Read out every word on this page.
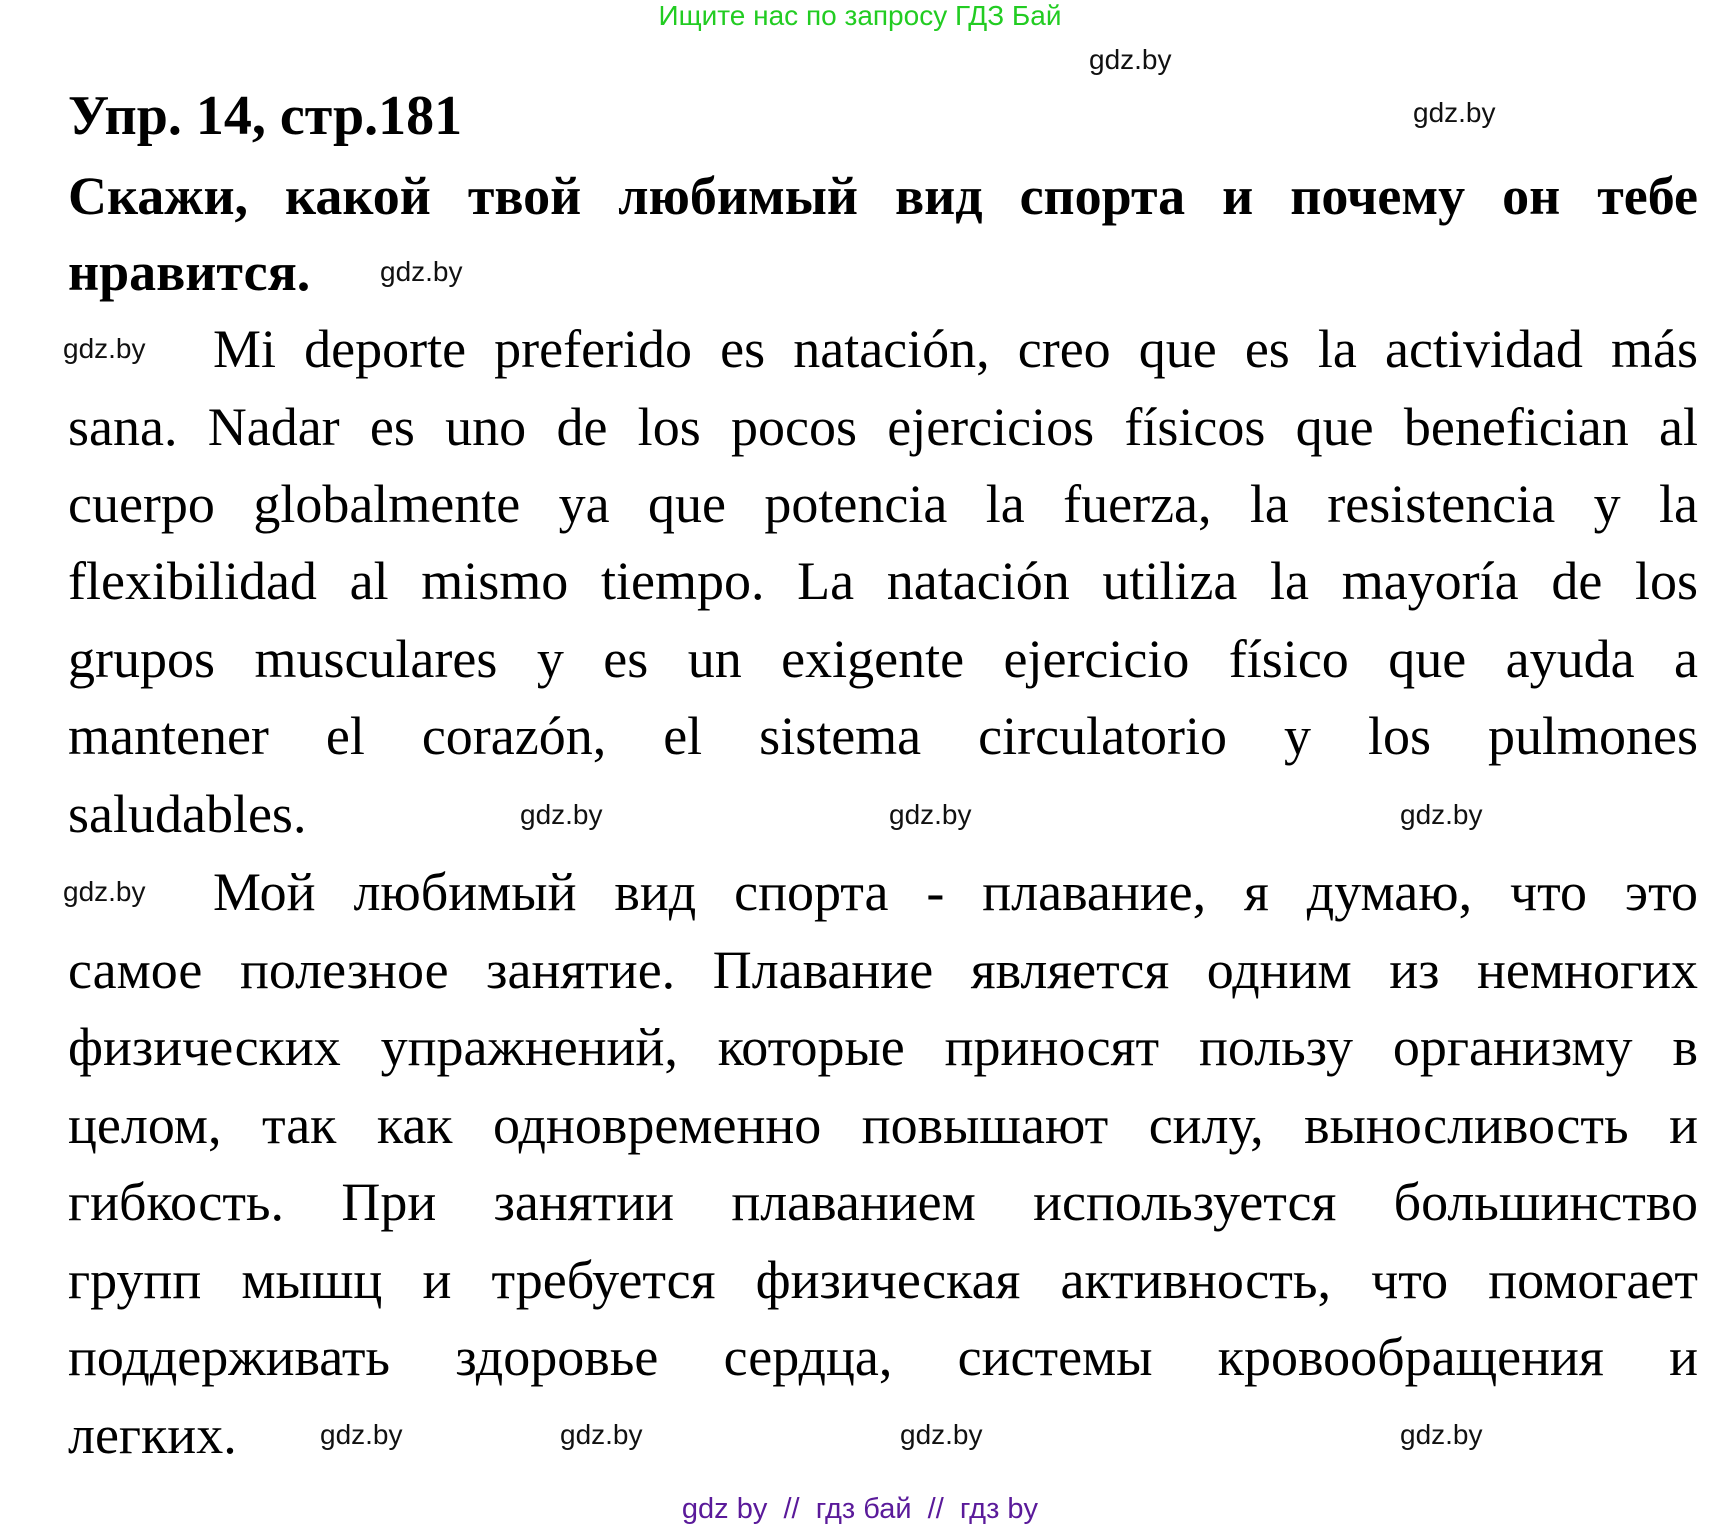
Ищите нас по запросу ГДЗ Бай
Упр. 14, стр.181
Скажи, какой твой любимый вид спорта и почему он тебе
нравится.
Mi deporte preferido es natación, creo que es la actividad más
sana. Nadar es uno de los pocos ejercicios físicos que benefician al
cuerpo globalmente ya que potencia la fuerza, la resistencia y la
flexibilidad al mismo tiempo. La natación utiliza la mayoría de los
grupos musculares y es un exigente ejercicio físico que ayuda a
mantener el corazón, el sistema circulatorio y los pulmones
saludables.
Мой любимый вид спорта - плавание, я думаю, что это
самое полезное занятие. Плавание является одним из немногих
физических упражнений, которые приносят пользу организму в
целом, так как одновременно повышают силу, выносливость и
гибкость. При занятии плаванием используется большинство
групп мышц и требуется физическая активность, что помогает
поддерживать здоровье сердца, системы кровообращения и
легких.
gdz.by
gdz.by
gdz.by
gdz.by
gdz.by	gdz.by
gdz.by
gdz.by
gdz.by	gdz.by
gdz.by	gdz.by
gdz by  //  гдз бай  //  гдз by
